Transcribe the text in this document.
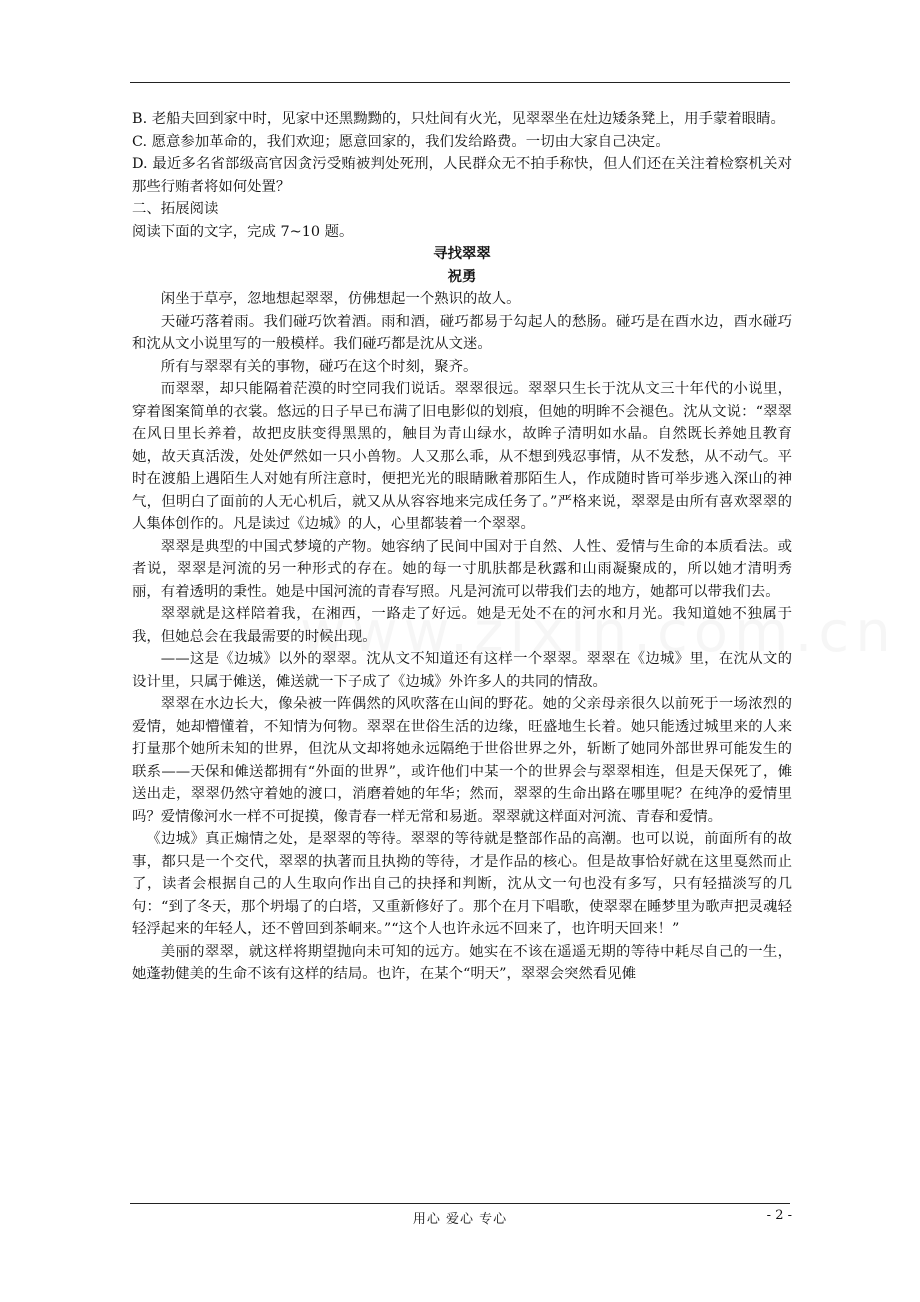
B. 老船夫回到家中时，见家中还黑黝黝的，只灶间有火光，见翠翠坐在灶边矮条凳上，用手蒙着眼睛。

C. 愿意参加革命的，我们欢迎；愿意回家的，我们发给路费。一切由大家自己决定。

D. 最近多名省部级高官因贪污受贿被判处死刑，人民群众无不拍手称快，但人们还在关注着检察机关对那些行贿者将如何处置？

二、拓展阅读

阅读下面的文字，完成 7~10 题。

寻找翠翠

祝勇

闲坐于草亭，忽地想起翠翠，仿佛想起一个熟识的故人。

天碰巧落着雨。我们碰巧饮着酒。雨和酒，碰巧都易于勾起人的愁肠。碰巧是在酉水边，酉水碰巧和沈从文小说里写的一般模样。我们碰巧都是沈从文迷。

所有与翠翠有关的事物，碰巧在这个时刻，聚齐。

而翠翠，却只能隔着茫漠的时空同我们说话。翠翠很远。翠翠只生长于沈从文三十年代的小说里，穿着图案简单的衣裳。悠远的日子早已布满了旧电影似的划痕，但她的明眸不会褪色。沈从文说：“翠翠在风日里长养着，故把皮肤变得黑黑的，触目为青山绿水，故眸子清明如水晶。自然既长养她且教育她，故天真活泼，处处俨然如一只小兽物。人又那么乖，从不想到残忍事情，从不发愁，从不动气。平时在渡船上遇陌生人对她有所注意时，便把光光的眼睛瞅着那陌生人，作成随时皆可举步逃入深山的神气，但明白了面前的人无心机后，就又从从容容地来完成任务了。”严格来说，翠翠是由所有喜欢翠翠的人集体创作的。凡是读过《边城》的人，心里都装着一个翠翠。

翠翠是典型的中国式梦境的产物。她容纳了民间中国对于自然、人性、爱情与生命的本质看法。或者说，翠翠是河流的另一种形式的存在。她的每一寸肌肤都是秋露和山雨凝聚成的，所以她才清明秀丽，有着透明的秉性。她是中国河流的青春写照。凡是河流可以带我们去的地方，她都可以带我们去。

翠翠就是这样陪着我，在湘西，一路走了好远。她是无处不在的河水和月光。我知道她不独属于我，但她总会在我最需要的时候出现。

——这是《边城》以外的翠翠。沈从文不知道还有这样一个翠翠。翠翠在《边城》里，在沈从文的设计里，只属于傩送，傩送就一下子成了《边城》外许多人的共同的情敌。

翠翠在水边长大，像朵被一阵偶然的风吹落在山间的野花。她的父亲母亲很久以前死于一场浓烈的爱情，她却懵懂着，不知情为何物。翠翠在世俗生活的边缘，旺盛地生长着。她只能透过城里来的人来打量那个她所未知的世界，但沈从文却将她永远隔绝于世俗世界之外，斩断了她同外部世界可能发生的联系——天保和傩送都拥有“外面的世界”，或许他们中某一个的世界会与翠翠相连，但是天保死了，傩送出走，翠翠仍然守着她的渡口，消磨着她的年华；然而，翠翠的生命出路在哪里呢？在纯净的爱情里吗？爱情像河水一样不可捉摸，像青春一样无常和易逝。翠翠就这样面对河流、青春和爱情。

《边城》真正煽情之处，是翠翠的等待。翠翠的等待就是整部作品的高潮。也可以说，前面所有的故事，都只是一个交代，翠翠的执著而且执拗的等待，才是作品的核心。但是故事恰好就在这里戛然而止了，读者会根据自己的人生取向作出自己的抉择和判断，沈从文一句也没有多写，只有轻描淡写的几句：“到了冬天，那个坍塌了的白塔，又重新修好了。那个在月下唱歌，使翠翠在睡梦里为歌声把灵魂轻轻浮起来的年轻人，还不曾回到茶峒来。”“这个人也许永远不回来了，也许明天回来！”

美丽的翠翠，就这样将期望抛向未可知的远方。她实在不该在遥遥无期的等待中耗尽自己的一生，她蓬勃健美的生命不该有这样的结局。也许，在某个“明天”，翠翠会突然看见傩

用心 爱心 专心	- 2 -
